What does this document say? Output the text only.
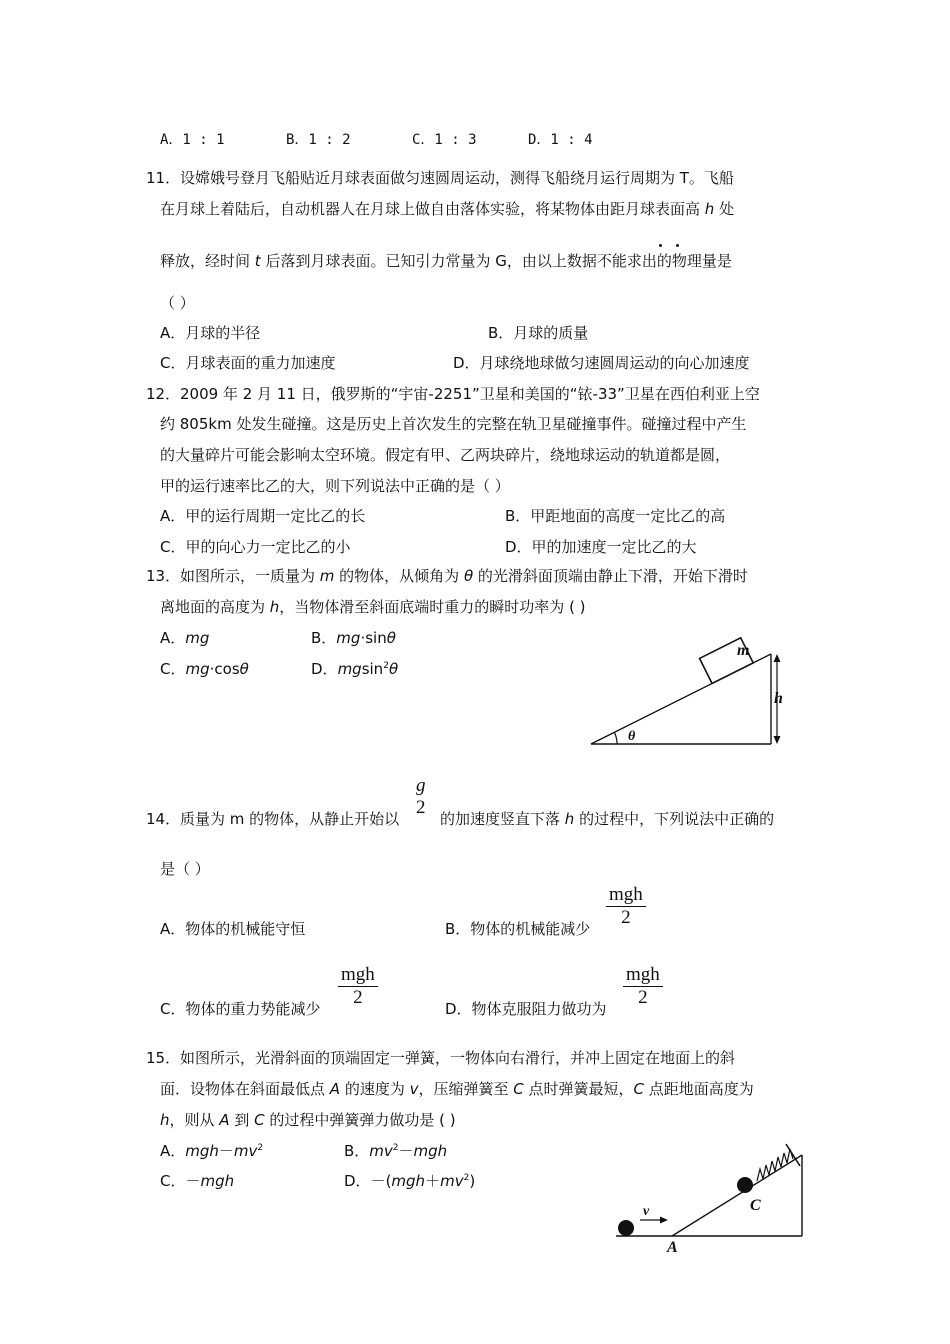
A．1 : 1	B．1 : 2	C．1 : 3	D．1 : 4
11． 设嫦娥号登月飞船贴近月球表面做匀速圆周运动，测得飞船绕月运行周期为 T。飞船
在月球上着陆后，自动机器人在月球上做自由落体实验，将某物体由距月球表面高 h 处
释放，经时间 t 后落到月球表面。已知引力常量为 G，由以上数据不能求出的物理量是
（ ）
A．月球的半径	B．月球的质量
C．月球表面的重力加速度	D．月球绕地球做匀速圆周运动的向心加速度
12． 2009 年 2 月 11 日，俄罗斯的“宇宙-2251”卫星和美国的“铱-33”卫星在西伯利亚上空
约 805km 处发生碰撞。这是历史上首次发生的完整在轨卫星碰撞事件。碰撞过程中产生
的大量碎片可能会影响太空环境。假定有甲、乙两块碎片，绕地球运动的轨道都是圆，
甲的运行速率比乙的大，则下列说法中正确的是（ ）
A．甲的运行周期一定比乙的长	B．甲距地面的高度一定比乙的高
C．甲的向心力一定比乙的小	D．甲的加速度一定比乙的大
13． 如图所示，一质量为 m 的物体，从倾角为 θ 的光滑斜面顶端由静止下滑，开始下滑时
离地面的高度为 h，当物体滑至斜面底端时重力的瞬时功率为 ( )
A．mg	B．mg·sinθ
C．mg·cosθ	D．mgsin$^2$θ
m
h
θ
g
2
14． 质量为 m 的物体，从静止开始以	的加速度竖直下落 h 的过程中，下列说法中正确的
是（ ）
A．物体的机械能守恒	B．物体的机械能减少
mgh
2
C．物体的重力势能减少
mgh
2
D．物体克服阻力做功为
mgh
2
15． 如图所示，光滑斜面的顶端固定一弹簧，一物体向右滑行，并冲上固定在地面上的斜
面．设物体在斜面最低点 A 的速度为 v，压缩弹簧至 C 点时弹簧最短，C 点距地面高度为
h，则从 A 到 C 的过程中弹簧弹力做功是 ( )
A．$mgh-mv^2$	B．$mv^2-mgh$
C．－mgh	D．$-(mgh+mv^2)$
v
A
C
